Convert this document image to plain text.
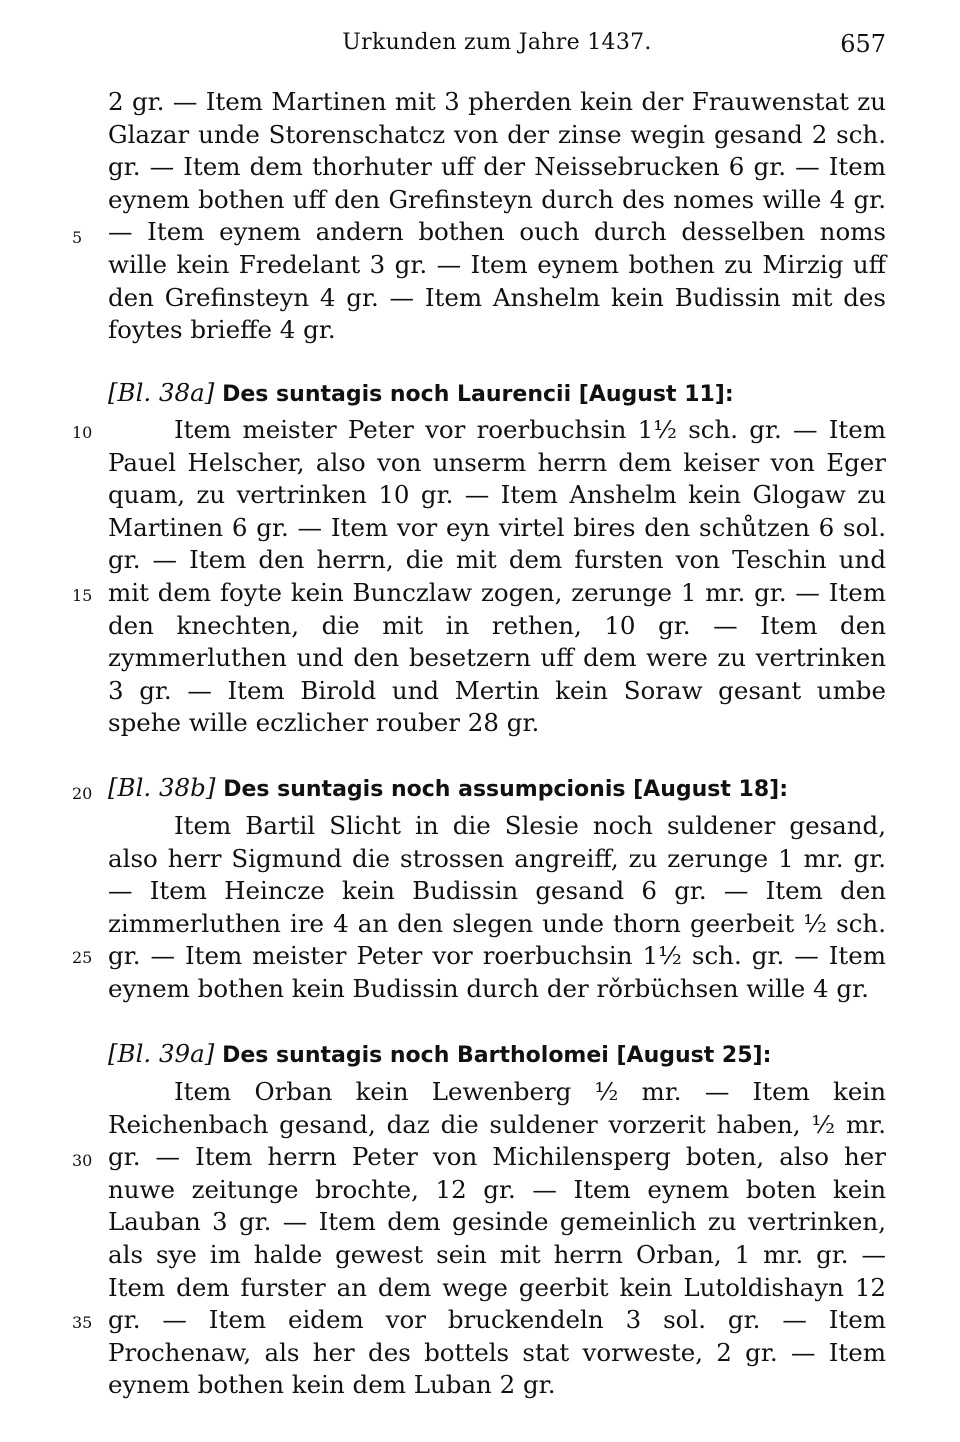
Urkunden zum Jahre 1437.	657
5
10
15
20
25
30
35

2 gr. — Item Martinen mit 3 pherden kein der Frauwenstat zu Glazar unde Storenschatcz von der zinse wegin gesand 2 sch. gr. — Item dem thorhuter uff der Neissebrucken 6 gr. — Item eynem bothen uff den Grefinsteyn durch des nomes wille 4 gr. — Item eynem andern bothen ouch durch desselben noms wille kein Fredelant 3 gr. — Item eynem bothen zu Mirzig uff den Grefinsteyn 4 gr. — Item Anshelm kein Budissin mit des foytes brieffe 4 gr.

[Bl. 38a] Des suntagis noch Laurencii [August 11]:

Item meister Peter vor roerbuchsin 1½ sch. gr. — Item Pauel Helscher, also von unserm herrn dem keiser von Eger quam, zu vertrinken 10 gr. — Item Anshelm kein Glogaw zu Martinen 6 gr. — Item vor eyn virtel bires den schůtzen 6 sol. gr. — Item den herrn, die mit dem fursten von Teschin und mit dem foyte kein Bunczlaw zogen, zerunge 1 mr. gr. — Item den knechten, die mit in rethen, 10 gr. — Item den zymmerluthen und den besetzern uff dem were zu vertrinken 3 gr. — Item Birold und Mertin kein Soraw gesant umbe spehe wille eczlicher rouber 28 gr.

[Bl. 38b] Des suntagis noch assumpcionis [August 18]:

Item Bartil Slicht in die Slesie noch suldener gesand, also herr Sigmund die strossen angreiff, zu zerunge 1 mr. gr. — Item Heincze kein Budissin gesand 6 gr. — Item den zimmerluthen ire 4 an den slegen unde thorn geerbeit ½ sch. gr. — Item meister Peter vor roerbuchsin 1½ sch. gr. — Item eynem bothen kein Budissin durch der rǒrbüchsen wille 4 gr.

[Bl. 39a] Des suntagis noch Bartholomei [August 25]:

Item Orban kein Lewenberg ½ mr. — Item kein Reichenbach gesand, daz die suldener vorzerit haben, ½ mr. gr. — Item herrn Peter von Michilensperg boten, also her nuwe zeitunge brochte, 12 gr. — Item eynem boten kein Lauban 3 gr. — Item dem gesinde gemeinlich zu vertrinken, als sye im halde gewest sein mit herrn Orban, 1 mr. gr. — Item dem furster an dem wege geerbit kein Lutoldishayn 12 gr. — Item eidem vor bruckendeln 3 sol. gr. — Item Prochenaw, als her des bottels stat vorweste, 2 gr. — Item eynem bothen kein dem Luban 2 gr.
